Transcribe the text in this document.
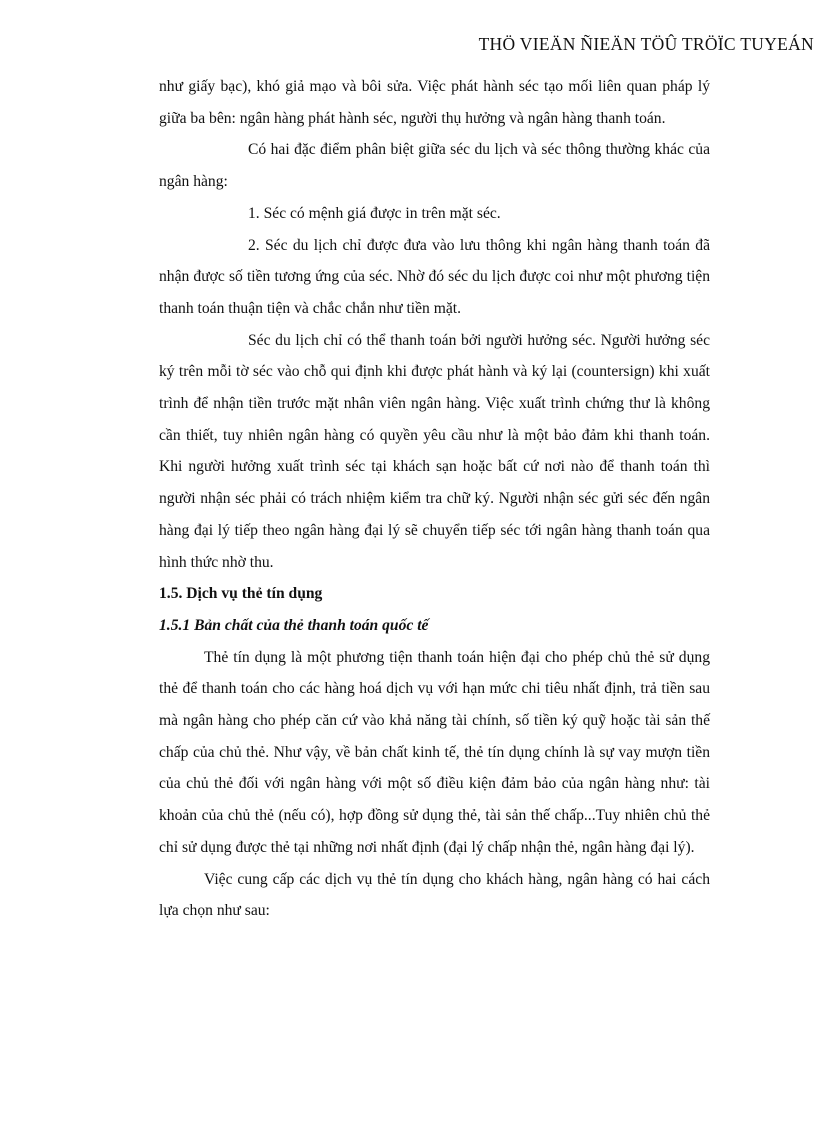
THÖ VIEÄN ÑIEÄN TÖÛ TRÖÏC TUYEÁN

như giấy bạc), khó giả mạo và bôi sửa. Việc phát hành séc tạo mối liên quan pháp lý giữa ba bên: ngân hàng phát hành séc, người thụ hưởng và ngân hàng thanh toán.

Có hai đặc điểm phân biệt giữa séc du lịch và séc thông thường khác của ngân hàng:

1. Séc có mệnh giá được in trên mặt séc.

2. Séc du lịch chỉ được đưa vào lưu thông khi ngân hàng thanh toán đã nhận được số tiền tương ứng của séc. Nhờ đó séc du lịch được coi như một phương tiện thanh toán thuận tiện và chắc chắn như tiền mặt.

Séc du lịch chỉ có thể thanh toán bởi người hưởng séc. Người hưởng séc ký trên mỗi tờ séc vào chỗ qui định khi được phát hành và ký lại (countersign) khi xuất trình để nhận tiền trước mặt nhân viên ngân hàng. Việc xuất trình chứng thư là không cần thiết, tuy nhiên ngân hàng có quyền yêu cầu như là một bảo đảm khi thanh toán. Khi người hưởng xuất trình séc tại khách sạn hoặc bất cứ nơi nào để thanh toán thì người nhận séc phải có trách nhiệm kiểm tra chữ ký. Người nhận séc gửi séc đến ngân hàng đại lý tiếp theo ngân hàng đại lý sẽ chuyển tiếp séc tới ngân hàng thanh toán qua hình thức nhờ thu.

1.5. Dịch vụ thẻ tín dụng

1.5.1 Bản chất của thẻ thanh toán quốc tế

Thẻ tín dụng là một phương tiện thanh toán hiện đại cho phép chủ thẻ sử dụng thẻ để thanh toán cho các hàng hoá dịch vụ với hạn mức chi tiêu nhất định, trả tiền sau mà ngân hàng cho phép căn cứ vào khả năng tài chính, số tiền ký quỹ hoặc tài sản thế chấp của chủ thẻ. Như vậy, về bản chất kinh tế, thẻ tín dụng chính là sự vay mượn tiền của chủ thẻ đối với ngân hàng với một số điều kiện đảm bảo của ngân hàng như: tài khoản của chủ thẻ (nếu có), hợp đồng sử dụng thẻ, tài sản thế chấp...Tuy nhiên chủ thẻ chỉ sử dụng được thẻ tại những nơi nhất định (đại lý chấp nhận thẻ, ngân hàng đại lý).

Việc cung cấp các dịch vụ thẻ tín dụng cho khách hàng, ngân hàng có hai cách lựa chọn như sau:
